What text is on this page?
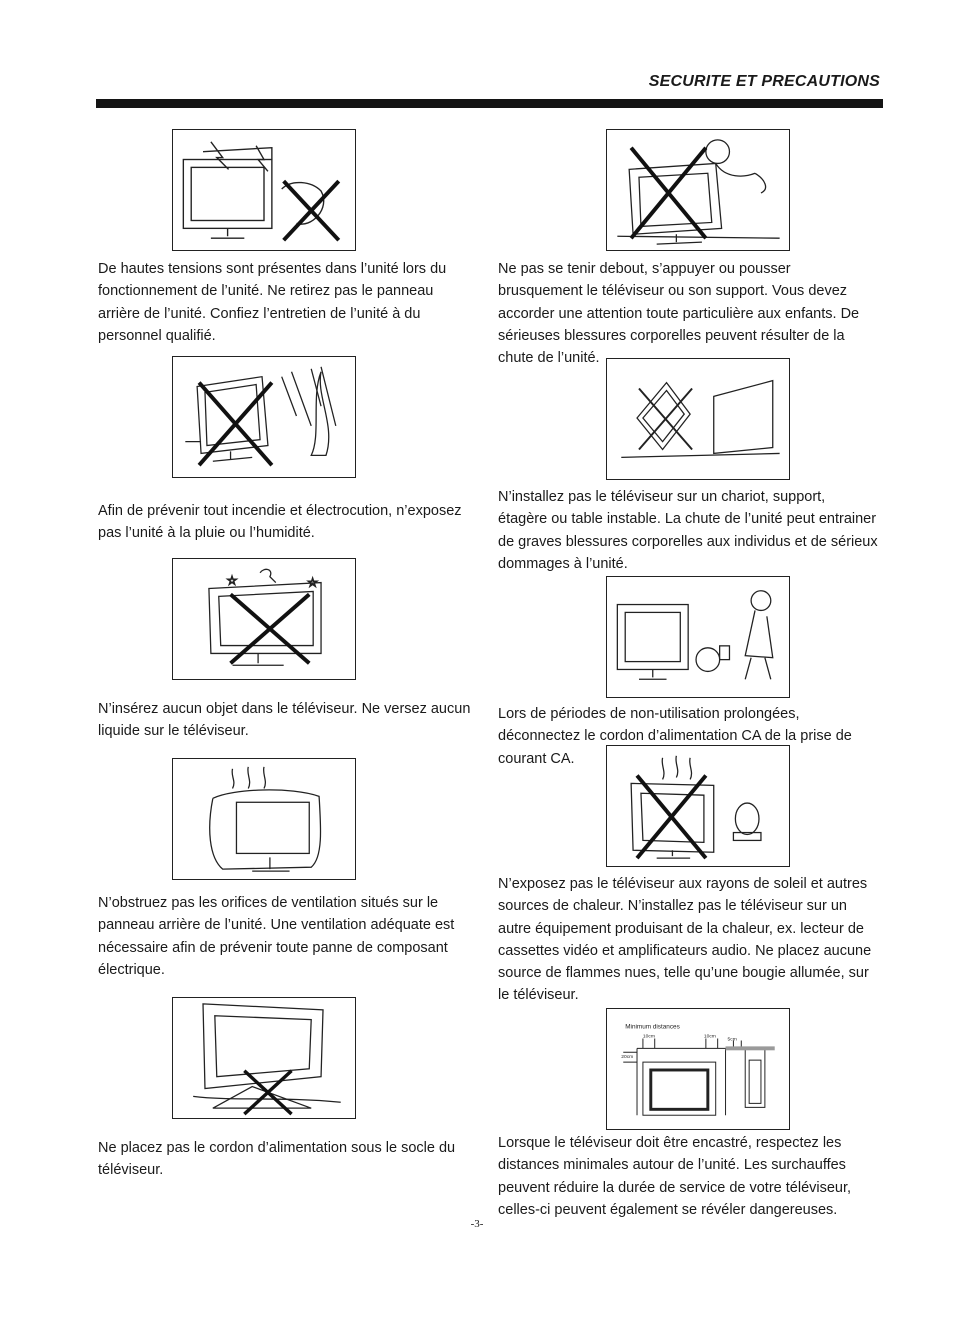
SECURITE ET PRECAUTIONS
De hautes tensions sont présentes dans l’unité lors du fonctionnement de l’unité. Ne retirez pas le panneau arrière de l’unité. Confiez l’entretien de l’unité à du personnel qualifié.
Afin de prévenir tout incendie et électrocution, n’exposez pas l’unité à la pluie ou l’humidité.
☆	☆
N’insérez aucun objet dans le téléviseur. Ne versez aucun liquide sur le téléviseur.
N’obstruez pas les orifices de ventilation situés sur le panneau arrière de l’unité. Une ventilation adéquate est nécessaire afin de prévenir toute panne de composant électrique.
Ne placez pas le cordon d’alimentation sous le socle du téléviseur.
Ne pas se tenir debout, s’appuyer ou pousser brusquement le téléviseur ou son support. Vous devez accorder une attention toute particulière aux enfants. De sérieuses blessures corporelles peuvent résulter de la chute de l’unité.
N’installez pas le téléviseur sur un chariot, support, étagère ou table instable. La chute de l’unité peut entrainer de graves blessures corporelles aux individus et de sérieux dommages à l’unité.
Lors de périodes de non-utilisation prolongées, déconnectez le cordon d’alimentation CA de la prise de courant CA.
N’exposez pas le téléviseur aux rayons de soleil et autres sources de chaleur. N’installez pas le téléviseur sur un autre équipement produisant de la chaleur, ex. lecteur de cassettes vidéo et amplificateurs audio. Ne placez aucune source de flammes nues, telle qu’une bougie allumée, sur le téléviseur.
Minimum distances
10cm	10cm
5cm
20cm
Lorsque le téléviseur doit être encastré, respectez les distances minimales autour de l’unité. Les surchauffes peuvent réduire la durée de service de votre téléviseur, celles-ci peuvent également se révéler dangereuses.
-3-
